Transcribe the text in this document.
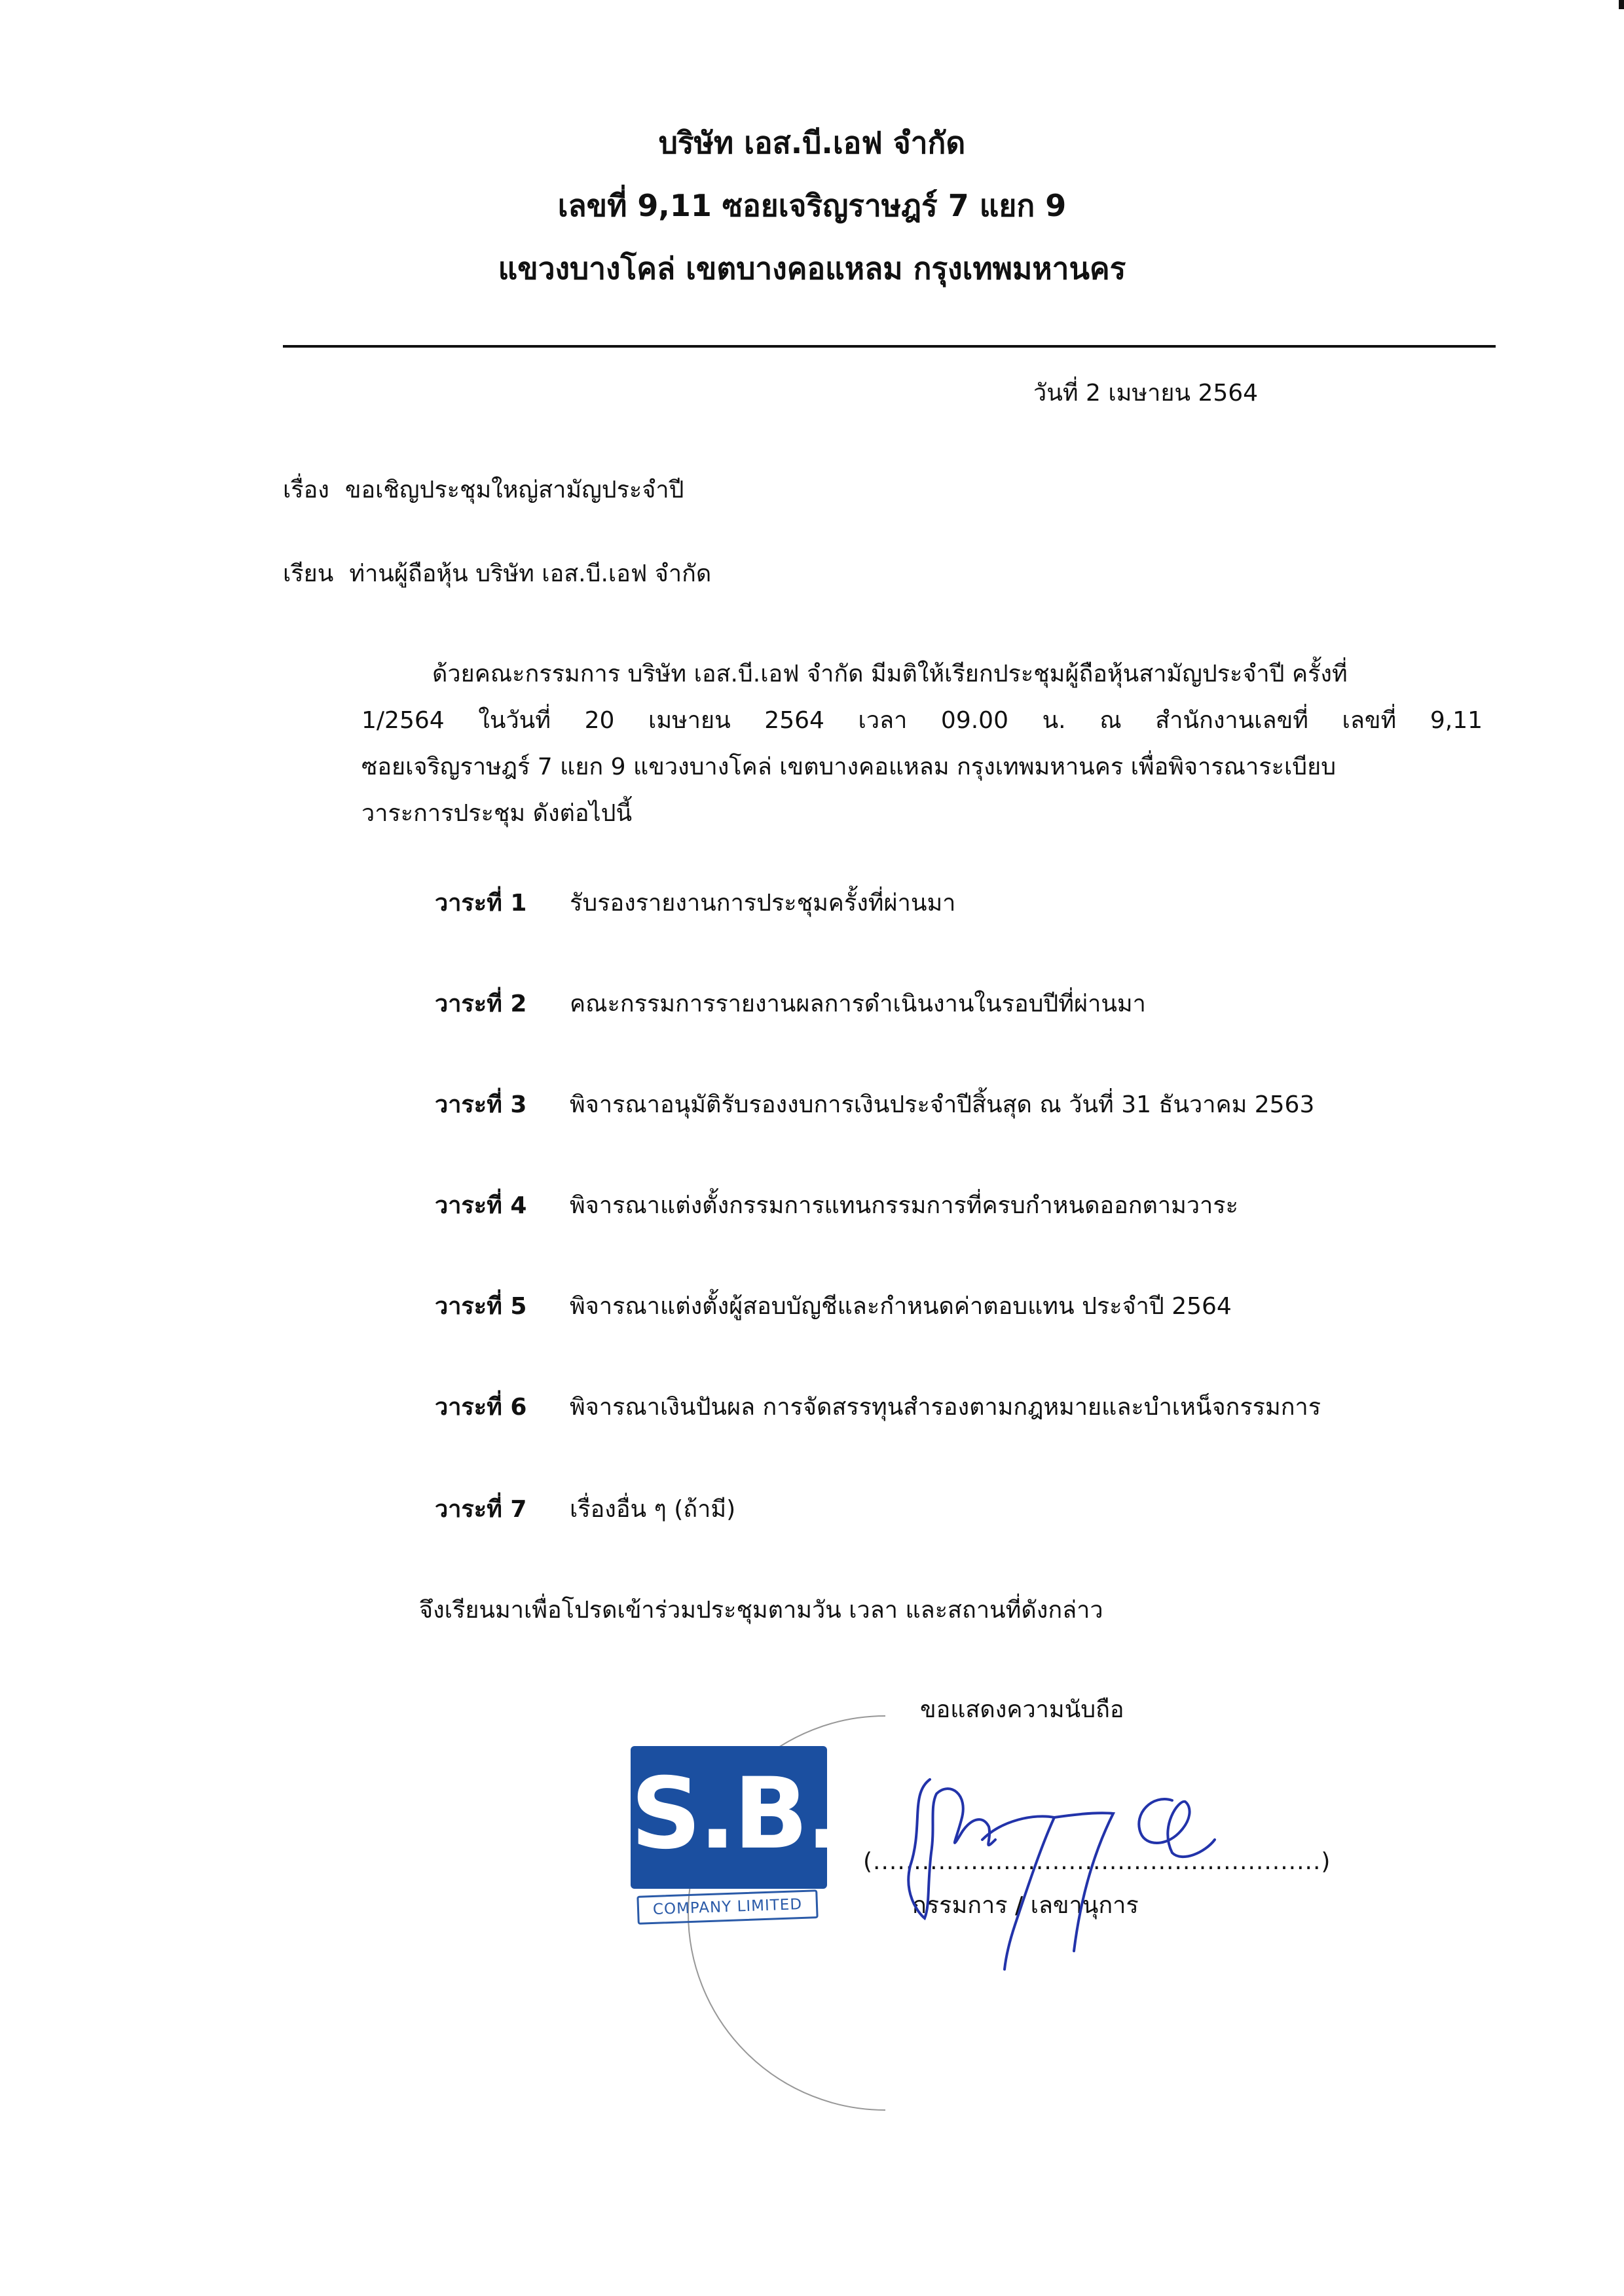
บริษัท เอส.บี.เอฟ จำกัด
เลขที่ 9,11 ซอยเจริญราษฎร์ 7 แยก 9
แขวงบางโคล่ เขตบางคอแหลม กรุงเทพมหานคร
วันที่ 2 เมษายน 2564
เรื่อง ขอเชิญประชุมใหญ่สามัญประจำปี
เรียน ท่านผู้ถือหุ้น บริษัท เอส.บี.เอฟ จำกัด
ด้วยคณะกรรมการ บริษัท เอส.บี.เอฟ จำกัด มีมติให้เรียกประชุมผู้ถือหุ้นสามัญประจำปี ครั้งที่
1/2564 ในวันที่ 20 เมษายน 2564 เวลา 09.00 น. ณ สำนักงานเลขที่ เลขที่ 9,11
ซอยเจริญราษฎร์ 7 แยก 9 แขวงบางโคล่ เขตบางคอแหลม กรุงเทพมหานคร เพื่อพิจารณาระเบียบ
วาระการประชุม ดังต่อไปนี้
วาระที่ 1 รับรองรายงานการประชุมครั้งที่ผ่านมา
วาระที่ 2 คณะกรรมการรายงานผลการดำเนินงานในรอบปีที่ผ่านมา
วาระที่ 3 พิจารณาอนุมัติรับรองงบการเงินประจำปีสิ้นสุด ณ วันที่ 31 ธันวาคม 2563
วาระที่ 4 พิจารณาแต่งตั้งกรรมการแทนกรรมการที่ครบกำหนดออกตามวาระ
วาระที่ 5 พิจารณาแต่งตั้งผู้สอบบัญชีและกำหนดค่าตอบแทน ประจำปี 2564
วาระที่ 6 พิจารณาเงินปันผล การจัดสรรทุนสำรองตามกฎหมายและบำเหน็จกรรมการ
วาระที่ 7 เรื่องอื่น ๆ (ถ้ามี)
จึงเรียนมาเพื่อโปรดเข้าร่วมประชุมตามวัน เวลา และสถานที่ดังกล่าว
ขอแสดงความนับถือ
S.B.F
COMPANY LIMITED
(.......................................................)
กรรมการ / เลขานุการ
